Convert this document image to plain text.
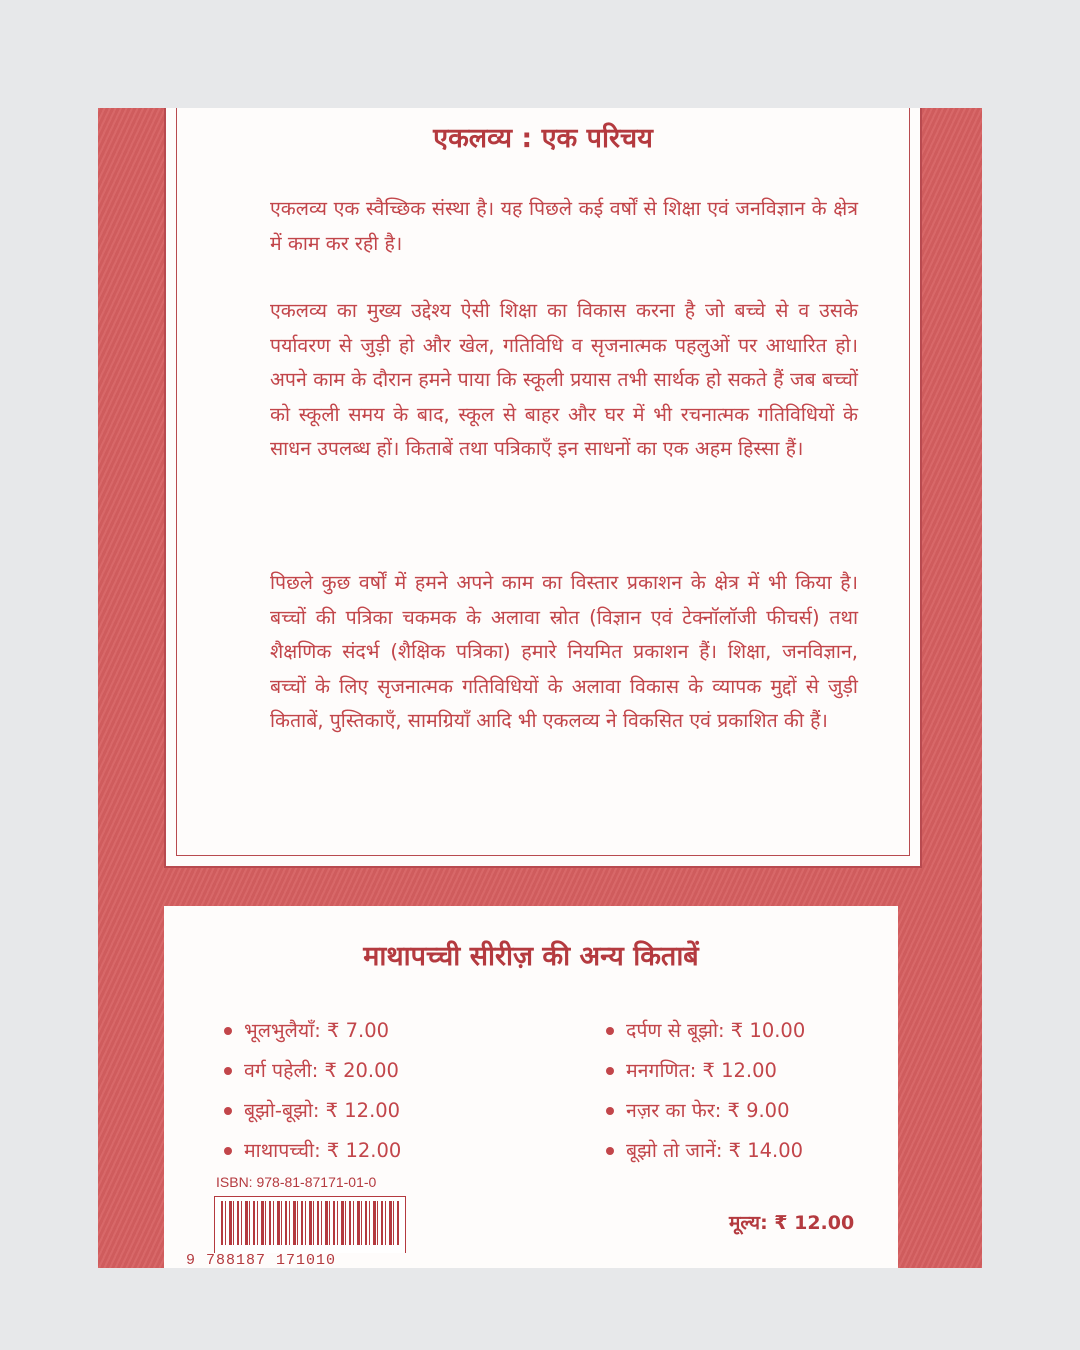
एकलव्य : एक परिचय

एकलव्य एक स्वैच्छिक संस्था है। यह पिछले कई वर्षों से शिक्षा एवं जनविज्ञान के क्षेत्र में काम कर रही है।

एकलव्य का मुख्य उद्देश्य ऐसी शिक्षा का विकास करना है जो बच्चे से व उसके पर्यावरण से जुड़ी हो और खेल, गतिविधि व सृजनात्मक पहलुओं पर आधारित हो। अपने काम के दौरान हमने पाया कि स्कूली प्रयास तभी सार्थक हो सकते हैं जब बच्चों को स्कूली समय के बाद, स्कूल से बाहर और घर में भी रचनात्मक गतिविधियों के साधन उपलब्ध हों। किताबें तथा पत्रिकाएँ इन साधनों का एक अहम हिस्सा हैं।

पिछले कुछ वर्षों में हमने अपने काम का विस्तार प्रकाशन के क्षेत्र में भी किया है। बच्चों की पत्रिका चकमक के अलावा स्रोत (विज्ञान एवं टेक्नॉलॉजी फीचर्स) तथा शैक्षणिक संदर्भ (शैक्षिक पत्रिका) हमारे नियमित प्रकाशन हैं। शिक्षा, जनविज्ञान, बच्चों के लिए सृजनात्मक गतिविधियों के अलावा विकास के व्यापक मुद्दों से जुड़ी किताबें, पुस्तिकाएँ, सामग्रियाँ आदि भी एकलव्य ने विकसित एवं प्रकाशित की हैं।

माथापच्ची सीरीज़ की अन्य किताबें
भूलभुलैयाँ: ₹ 7.00
वर्ग पहेली: ₹ 20.00
बूझो-बूझो: ₹ 12.00
माथापच्ची: ₹ 12.00
दर्पण से बूझो: ₹ 10.00
मनगणित: ₹ 12.00
नज़र का फेर: ₹ 9.00
बूझो तो जानें: ₹ 14.00
ISBN: 978-81-87171-01-0
9 788187 171010
मूल्य: ₹ 12.00
